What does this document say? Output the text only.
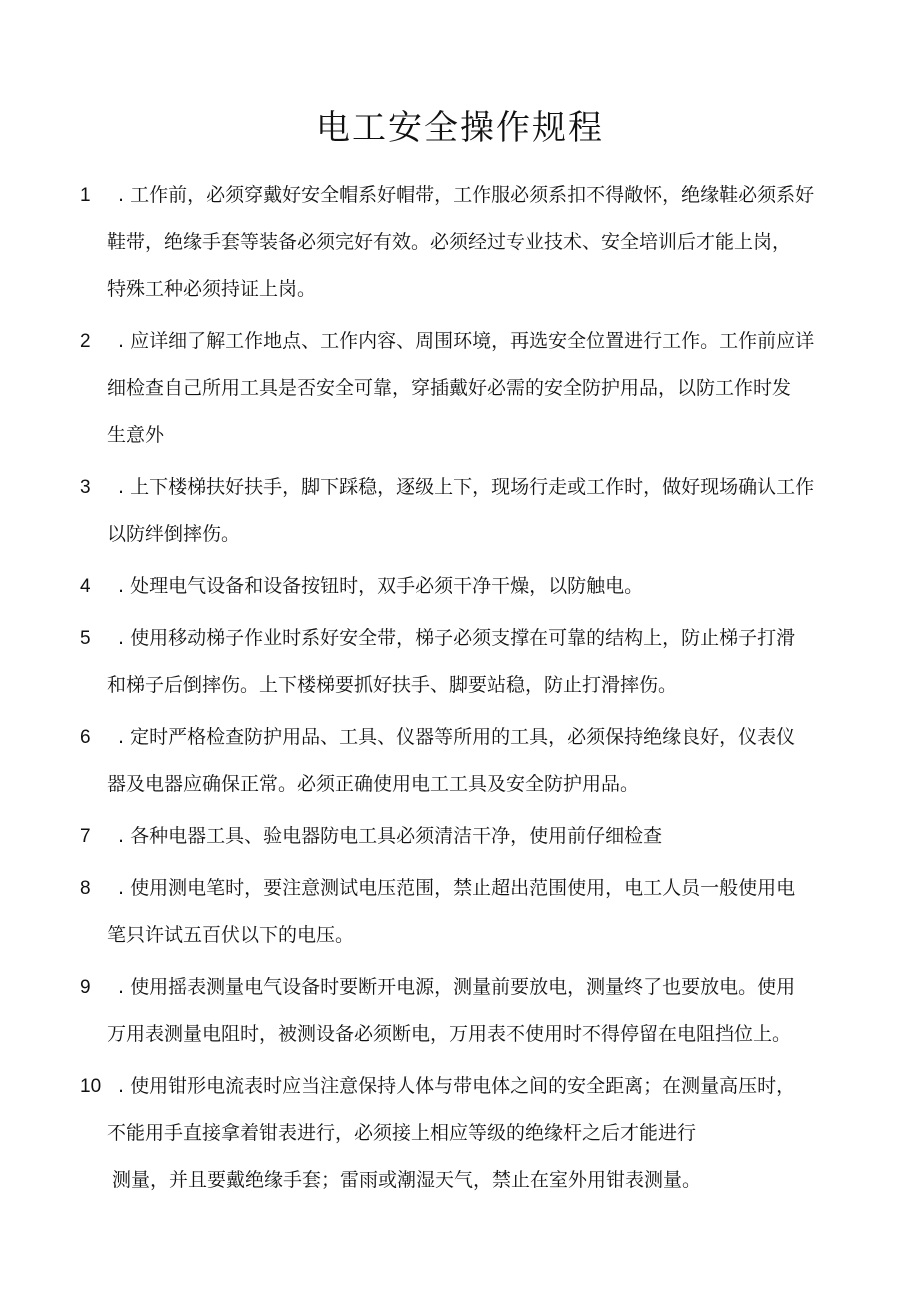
电工安全操作规程
1	. 工作前，必须穿戴好安全帽系好帽带，工作服必须系扣不得敞怀，绝缘鞋必须系好
鞋带，绝缘手套等装备必须完好有效。必须经过专业技术、安全培训后才能上岗，
特殊工种必须持证上岗。
2	. 应详细了解工作地点、工作内容、周围环境，再选安全位置进行工作。工作前应详
细检查自己所用工具是否安全可靠，穿插戴好必需的安全防护用品，以防工作时发
生意外
3	. 上下楼梯扶好扶手，脚下踩稳，逐级上下，现场行走或工作时，做好现场确认工作
以防绊倒摔伤。
4	. 处理电气设备和设备按钮时，双手必须干净干燥，以防触电。
5	. 使用移动梯子作业时系好安全带，梯子必须支撑在可靠的结构上，防止梯子打滑
和梯子后倒摔伤。上下楼梯要抓好扶手、脚要站稳，防止打滑摔伤。
6	. 定时严格检查防护用品、工具、仪器等所用的工具，必须保持绝缘良好，仪表仪
器及电器应确保正常。必须正确使用电工工具及安全防护用品。
7	. 各种电器工具、验电器防电工具必须清洁干净，使用前仔细检查
8	. 使用测电笔时，要注意测试电压范围，禁止超出范围使用，电工人员一般使用电
笔只许试五百伏以下的电压。
9	. 使用摇表测量电气设备时要断开电源，测量前要放电，测量终了也要放电。使用
万用表测量电阻时，被测设备必须断电，万用表不使用时不得停留在电阻挡位上。
10 . 使用钳形电流表时应当注意保持人体与带电体之间的安全距离；在测量高压时，
不能用手直接拿着钳表进行，必须接上相应等级的绝缘杆之后才能进行
测量，并且要戴绝缘手套；雷雨或潮湿天气，禁止在室外用钳表测量。
